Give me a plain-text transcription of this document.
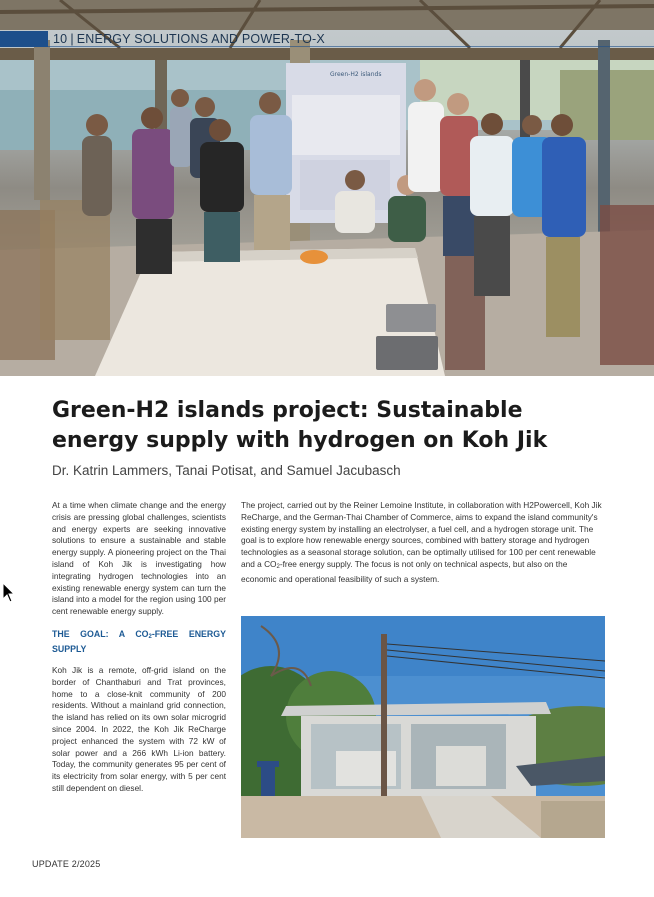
Green-H2 islands
10 | ENERGY SOLUTIONS AND POWER-TO-X
Green-H2 islands project: Sustainable energy supply with hydrogen on Koh Jik

Dr. Katrin Lammers, Tanai Potisat, and Samuel Jacubasch

At a time when climate change and the energy crisis are pressing global challenges, scientists and energy experts are seeking innovative solutions to ensure a sustainable and stable energy supply. A pioneering project on the Thai island of Koh Jik is investigating how integrating hydrogen technologies into an existing renewable energy system can turn the island into a model for the region using 100 per cent renewable energy supply.

THE GOAL: A $CO_2$-FREE ENERGY SUPPLY

Koh Jik is a remote, off-grid island on the border of Chanthaburi and Trat provinces, home to a close-knit community of 200 residents. Without a mainland grid connection, the island has relied on its own solar microgrid since 2004. In 2022, the Koh Jik ReCharge project enhanced the system with 72 kW of solar power and a 266 kWh Li-ion battery. Today, the community generates 95 per cent of its electricity from solar energy, with 5 per cent still dependent on diesel.

The project, carried out by the Reiner Lemoine Institute, in collaboration with H2Powercell, Koh Jik ReCharge, and the German-Thai Chamber of Commerce, aims to expand the island community's existing energy system by installing an electrolyser, a fuel cell, and a hydrogen storage unit. The goal is to explore how renewable energy sources, combined with battery storage and hydrogen technologies as a seasonal storage solution, can be optimally utilised for 100 per cent renewable and a $CO_2$-free energy supply. The focus is not only on technical aspects, but also on the economic and operational feasibility of such a system.

UPDATE 2/2025
